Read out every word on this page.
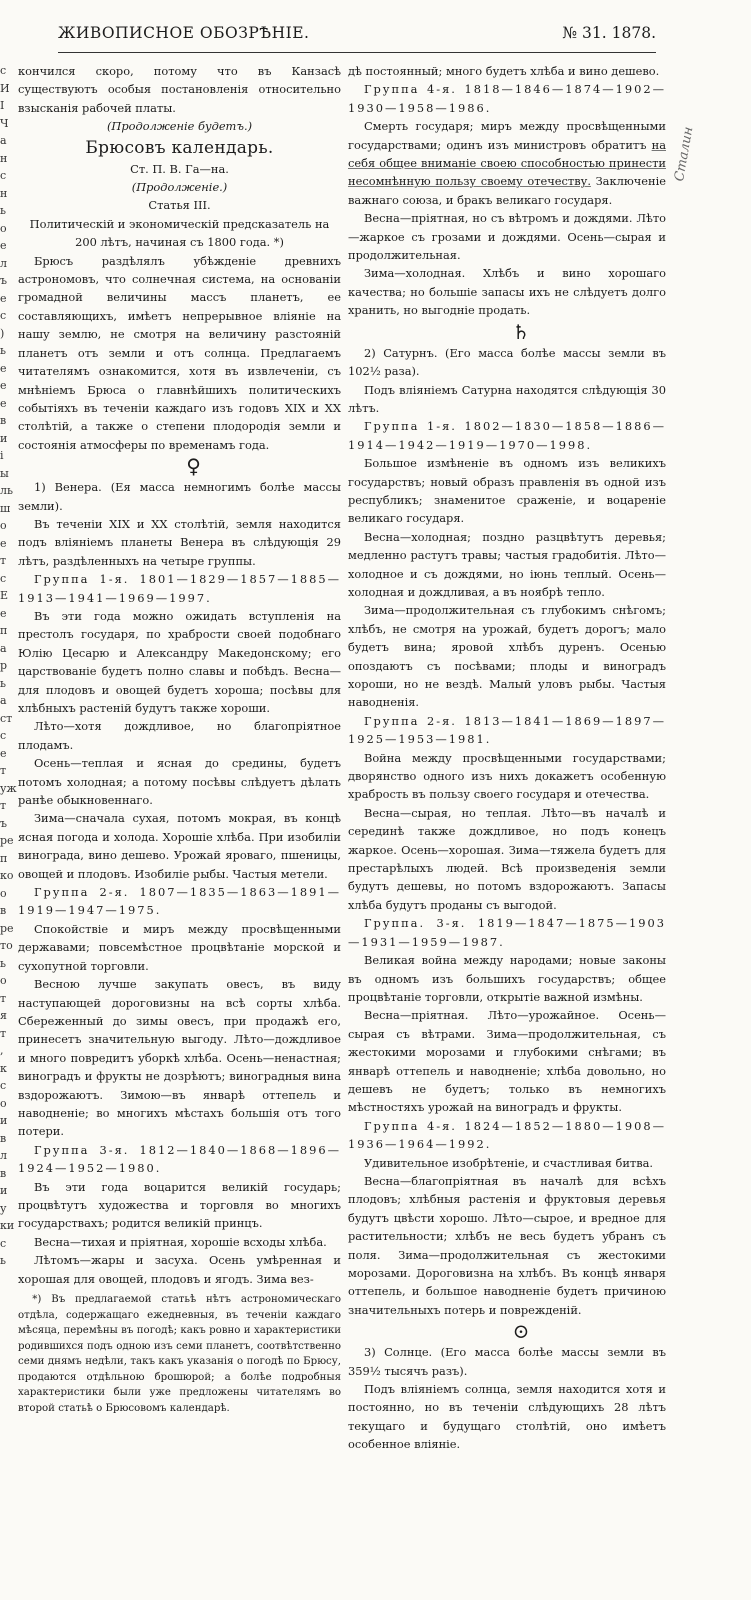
ЖИВОПИСНОЕ ОБОЗРѢНІЕ.	№ 31. 1878.
с
И
I
Ч
а
н
с
н
ь
о
е
л
ъ
е
с
)
ь
е
е
е
в
и
і
ы
ль
ш
о
е
т
с
Е
е
п
а
р
ь
а
ст
с
е
т
уж
т
ъ
ре
п
ко
о
в
ре
то
ь
о
т
я
т
,
к
с
о
и
в
л
в
и
у
ки
с
ь

кончился скоро, потому что въ Канзасѣ существуютъ особыя постановленія относительно взысканія рабочей платы.

(Продолженіе будетъ.)

Брюсовъ календарь.

Ст. П. В. Га—на.

(Продолженіе.)

Статья III.

Политическій и экономическій предсказатель на 200 лѣтъ, начиная съ 1800 года. *)

Брюсъ раздѣлялъ убѣжденіе древнихъ астрономовъ, что солнечная система, на основаніи громадной величины массъ планетъ, ее составляющихъ, имѣетъ непрерывное вліяніе на нашу землю, не смотря на величину разстояній планетъ отъ земли и отъ солнца. Предлагаемъ читателямъ ознакомится, хотя въ извлеченіи, съ мнѣніемъ Брюса о главнѣйшихъ политическихъ событіяхъ въ теченіи каждаго изъ годовъ XIX и XX столѣтій, а также о степени плодородія земли и состоянія атмосферы по временамъ года.

♀

1) Венера. (Ея масса немногимъ болѣе массы земли).

Въ теченіи XIX и XX столѣтій, земля находится подъ вліяніемъ планеты Венера въ слѣдующія 29 лѣтъ, раздѣленныхъ на четыре группы.

Группа 1-я. 1801—1829—1857—1885—1913—1941—1969—1997.

Въ эти года можно ожидать вступленія на престолъ государя, по храбрости своей подобнаго Юлію Цесарю и Александру Македонскому; его царствованіе будетъ полно славы и побѣдъ. Весна—для плодовъ и овощей будетъ хороша; посѣвы для хлѣбныхъ растеній будутъ также хороши.

Лѣто—хотя дождливое, но благопріятное плодамъ.

Осень—теплая и ясная до средины, будетъ потомъ холодная; а потому посѣвы слѣдуетъ дѣлать ранѣе обыкновеннаго.

Зима—сначала сухая, потомъ мокрая, въ концѣ ясная погода и холода. Хорошіе хлѣба. При изобиліи винограда, вино дешево. Урожай яроваго, пшеницы, овощей и плодовъ. Изобиліе рыбы. Частыя метели.

Группа 2-я. 1807—1835—1863—1891—1919—1947—1975.

Спокойствіе и миръ между просвѣщенными державами; повсемѣстное процвѣтаніе морской и сухопутной торговли.

Весною лучше закупать овесъ, въ виду наступающей дороговизны на всѣ сорты хлѣба. Сбереженный до зимы овесъ, при продажѣ его, принесетъ значительную выгоду. Лѣто—дождливое и много повредитъ уборкѣ хлѣба. Осень—ненастная; виноградъ и фрукты не дозрѣютъ; виноградныя вина вздорожаютъ. Зимою—въ январѣ оттепель и наводненіе; во многихъ мѣстахъ большія отъ того потери.

Группа 3-я. 1812—1840—1868—1896—1924—1952—1980.

Въ эти года воцарится великій государь; процвѣтутъ художества и торговля во многихъ государствахъ; родится великій принцъ.

Весна—тихая и пріятная, хорошіе всходы хлѣба.

Лѣтомъ—жары и засуха. Осень умѣренная и хорошая для овощей, плодовъ и ягодъ. Зима вез-

*) Въ предлагаемой статьѣ нѣтъ астрономическаго отдѣла, содержащаго ежедневныя, въ теченіи каждаго мѣсяца, перемѣны въ погодѣ; какъ ровно и характеристики родившихся подъ одною изъ семи планетъ, соотвѣтственно семи днямъ недѣли, такъ какъ указанія о погодѣ по Брюсу, продаются отдѣльною брошюрой; а болѣе подробныя характеристики были уже предложены читателямъ во второй статьѣ о Брюсовомъ календарѣ.

дѣ постоянный; много будетъ хлѣба и вино дешево.

Группа 4-я. 1818—1846—1874—1902—1930—1958—1986.

Смерть государя; миръ между просвѣщенными государствами; одинъ изъ министровъ обратитъ на себя общее вниманіе своею способностью принести несомнѣнную пользу своему отечеству. Заключеніе важнаго союза, и бракъ великаго государя.

Весна—пріятная, но съ вѣтромъ и дождями. Лѣто—жаркое съ грозами и дождями. Осень—сырая и продолжительная.

Зима—холодная. Хлѣбъ и вино хорошаго качества; но большіе запасы ихъ не слѣдуетъ долго хранить, но выгодніе продать.

♄

2) Сатурнъ. (Его масса болѣе массы земли въ 102½ раза).

Подъ вліяніемъ Сатурна находятся слѣдующія 30 лѣтъ.

Группа 1-я. 1802—1830—1858—1886—1914—1942—1919—1970—1998.

Большое измѣненіе въ одномъ изъ великихъ государствъ; новый образъ правленія въ одной изъ республикъ; знаменитое сраженіе, и воцареніе великаго государя.

Весна—холодная; поздно разцвѣтутъ деревья; медленно растутъ травы; частыя градобитія. Лѣто—холодное и съ дождями, но іюнь теплый. Осень—холодная и дождливая, а въ ноябрѣ тепло.

Зима—продолжительная съ глубокимъ снѣгомъ; хлѣбъ, не смотря на урожай, будетъ дорогъ; мало будетъ вина; яровой хлѣбъ дуренъ. Осенью опоздаютъ съ посѣвами; плоды и виноградъ хороши, но не вездѣ. Малый уловъ рыбы. Частыя наводненія.

Группа 2-я. 1813—1841—1869—1897—1925—1953—1981.

Война между просвѣщенными государствами; дворянство одного изъ нихъ докажетъ особенную храбрость въ пользу своего государя и отечества.

Весна—сырая, но теплая. Лѣто—въ началѣ и серединѣ также дождливое, но подъ конецъ жаркое. Осень—хорошая. Зима—тяжела будетъ для престарѣлыхъ людей. Всѣ произведенія земли будутъ дешевы, но потомъ вздорожаютъ. Запасы хлѣба будутъ проданы съ выгодой.

Группа. 3-я. 1819—1847—1875—1903—1931—1959—1987.

Великая война между народами; новые законы въ одномъ изъ большихъ государствъ; общее процвѣтаніе торговли, открытіе важной измѣны.

Весна—пріятная. Лѣто—урожайное. Осень—сырая съ вѣтрами. Зима—продолжительная, съ жестокими морозами и глубокими снѣгами; въ январѣ оттепель и наводненіе; хлѣба довольно, но дешевъ не будетъ; только въ немногихъ мѣстностяхъ урожай на виноградъ и фрукты.

Группа 4-я. 1824—1852—1880—1908—1936—1964—1992.

Удивительное изобрѣтеніе, и счастливая битва.

Весна—благопріятная въ началѣ для всѣхъ плодовъ; хлѣбныя растенія и фруктовыя деревья будутъ цвѣсти хорошо. Лѣто—сырое, и вредное для растительности; хлѣбъ не весь будетъ убранъ съ поля. Зима—продолжительная съ жестокими морозами. Дороговизна на хлѣбъ. Въ концѣ января оттепель, и большое наводненіе будетъ причиною значительныхъ потерь и поврежденій.

⊙

3) Солнце. (Его масса болѣе массы земли въ 359½ тысячъ разъ).

Подъ вліяніемъ солнца, земля находится хотя и постоянно, но въ теченіи слѣдующихъ 28 лѣтъ текущаго и будущаго столѣтій, оно имѣетъ особенное вліяніе.

Сталин
